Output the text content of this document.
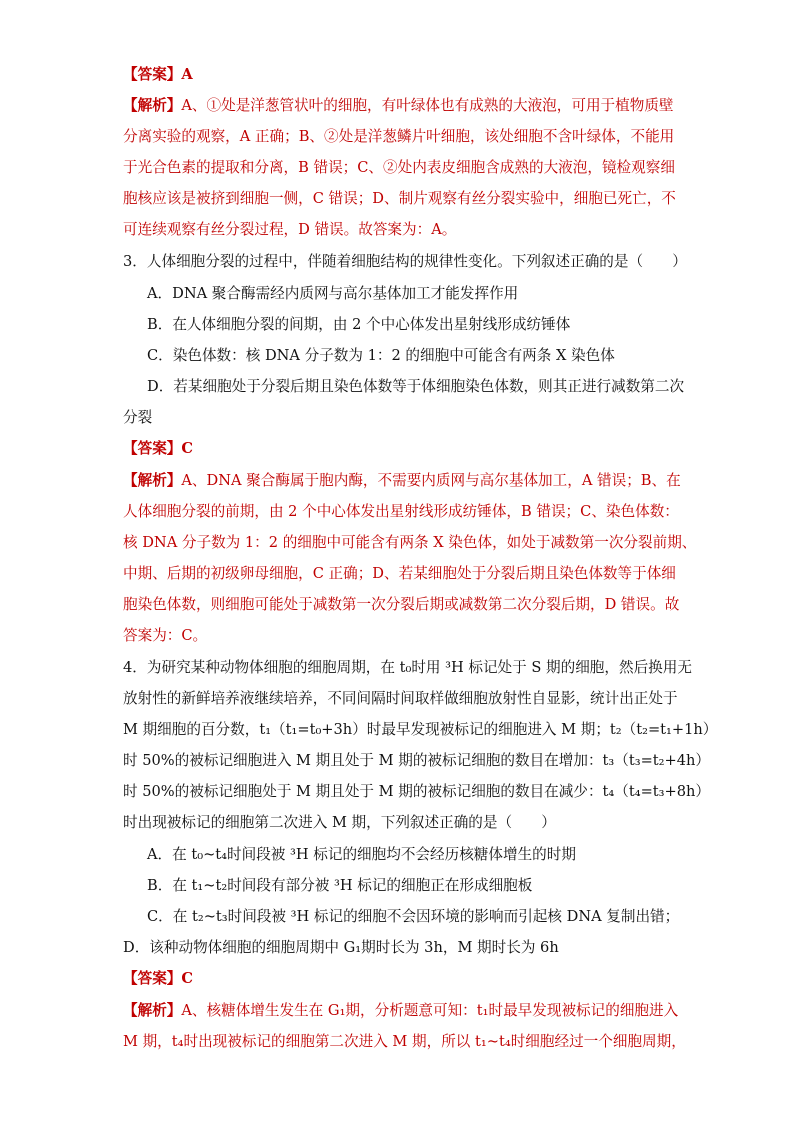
【答案】A
【解析】A、①处是洋葱管状叶的细胞，有叶绿体也有成熟的大液泡，可用于植物质壁
分离实验的观察，A 正确；B、②处是洋葱鳞片叶细胞，该处细胞不含叶绿体，不能用
于光合色素的提取和分离，B 错误；C、②处内表皮细胞含成熟的大液泡，镜检观察细
胞核应该是被挤到细胞一侧，C 错误；D、制片观察有丝分裂实验中，细胞已死亡，不
可连续观察有丝分裂过程，D 错误。故答案为：A。
3．人体细胞分裂的过程中，伴随着细胞结构的规律性变化。下列叙述正确的是（　　）
A．DNA 聚合酶需经内质网与高尔基体加工才能发挥作用
B．在人体细胞分裂的间期，由 2 个中心体发出星射线形成纺锤体
C．染色体数：核 DNA 分子数为 1：2 的细胞中可能含有两条 X 染色体
D．若某细胞处于分裂后期且染色体数等于体细胞染色体数，则其正进行减数第二次
分裂
【答案】C
【解析】A、DNA 聚合酶属于胞内酶，不需要内质网与高尔基体加工，A 错误；B、在
人体细胞分裂的前期，由 2 个中心体发出星射线形成纺锤体，B 错误；C、染色体数：
核 DNA 分子数为 1：2 的细胞中可能含有两条 X 染色体，如处于减数第一次分裂前期、
中期、后期的初级卵母细胞，C 正确；D、若某细胞处于分裂后期且染色体数等于体细
胞染色体数，则细胞可能处于减数第一次分裂后期或减数第二次分裂后期，D 错误。故
答案为：C。
4．为研究某种动物体细胞的细胞周期，在 t₀时用 ³H 标记处于 S 期的细胞，然后换用无
放射性的新鲜培养液继续培养，不同间隔时间取样做细胞放射性自显影，统计出正处于
M 期细胞的百分数，t₁（t₁=t₀+3h）时最早发现被标记的细胞进入 M 期；t₂（t₂=t₁+1h）
时 50%的被标记细胞进入 M 期且处于 M 期的被标记细胞的数目在增加：t₃（t₃=t₂+4h）
时 50%的被标记细胞处于 M 期且处于 M 期的被标记细胞的数目在减少：t₄（t₄=t₃+8h）
时出现被标记的细胞第二次进入 M 期，下列叙述正确的是（　　）
A．在 t₀~t₄时间段被 ³H 标记的细胞均不会经历核糖体增生的时期
B．在 t₁~t₂时间段有部分被 ³H 标记的细胞正在形成细胞板
C．在 t₂~t₃时间段被 ³H 标记的细胞不会因环境的影响而引起核 DNA 复制出错；
D．该种动物体细胞的细胞周期中 G₁期时长为 3h，M 期时长为 6h
【答案】C
【解析】A、核糖体增生发生在 G₁期，分析题意可知：t₁时最早发现被标记的细胞进入
M 期，t₄时出现被标记的细胞第二次进入 M 期，所以 t₁~t₄时细胞经过一个细胞周期，
